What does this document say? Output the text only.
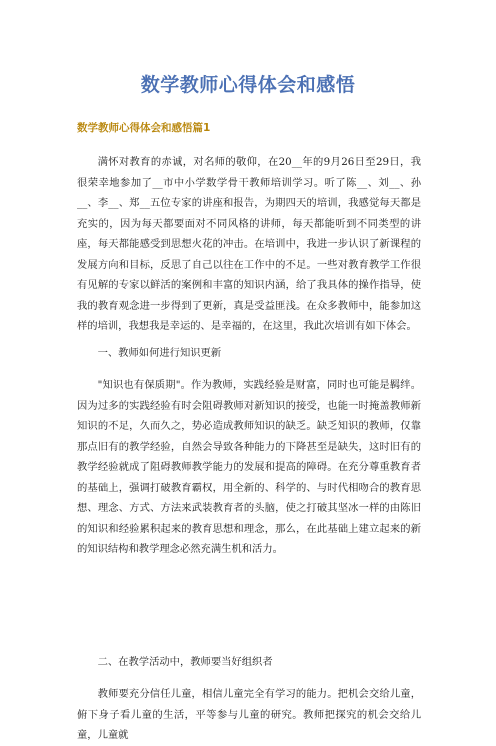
数学教师心得体会和感悟
数学教师心得体会和感悟篇1

满怀对教育的赤诚，对名师的敬仰，在20__年的9月26日至29日，我很荣幸地参加了__市中小学数学骨干教师培训学习。听了陈__、刘__、孙__、李__、郑__五位专家的讲座和报告，为期四天的培训，我感觉每天都是充实的，因为每天都要面对不同风格的讲师，每天都能听到不同类型的讲座，每天都能感受到思想火花的冲击。在培训中，我进一步认识了新课程的发展方向和目标，反思了自己以往在工作中的不足。一些对教育教学工作很有见解的专家以鲜活的案例和丰富的知识内涵，给了我具体的操作指导，使我的教育观念进一步得到了更新，真是受益匪浅。在众多教师中，能参加这样的培训，我想我是幸运的、是幸福的，在这里，我此次培训有如下体会。

一、教师如何进行知识更新

"知识也有保质期"。作为教师，实践经验是财富，同时也可能是羁绊。因为过多的实践经验有时会阻碍教师对新知识的接受，也能一时掩盖教师新知识的不足，久而久之，势必造成教师知识的缺乏。缺乏知识的教师，仅靠那点旧有的教学经验，自然会导致各种能力的下降甚至是缺失，这时旧有的教学经验就成了阻碍教师教学能力的发展和提高的障碍。在充分尊重教育者的基础上，强调打破教育霸权，用全新的、科学的、与时代相吻合的教育思想、理念、方式、方法来武装教育者的头脑，使之打破其坚冰一样的由陈旧的知识和经验累积起来的教育思想和理念，那么，在此基础上建立起来的新的知识结构和教学理念必然充满生机和活力。

二、在教学活动中，教师要当好组织者

教师要充分信任儿童，相信儿童完全有学习的能力。把机会交给儿童，俯下身子看儿童的生活，平等参与儿童的研究。教师把探究的机会交给儿童，儿童就
